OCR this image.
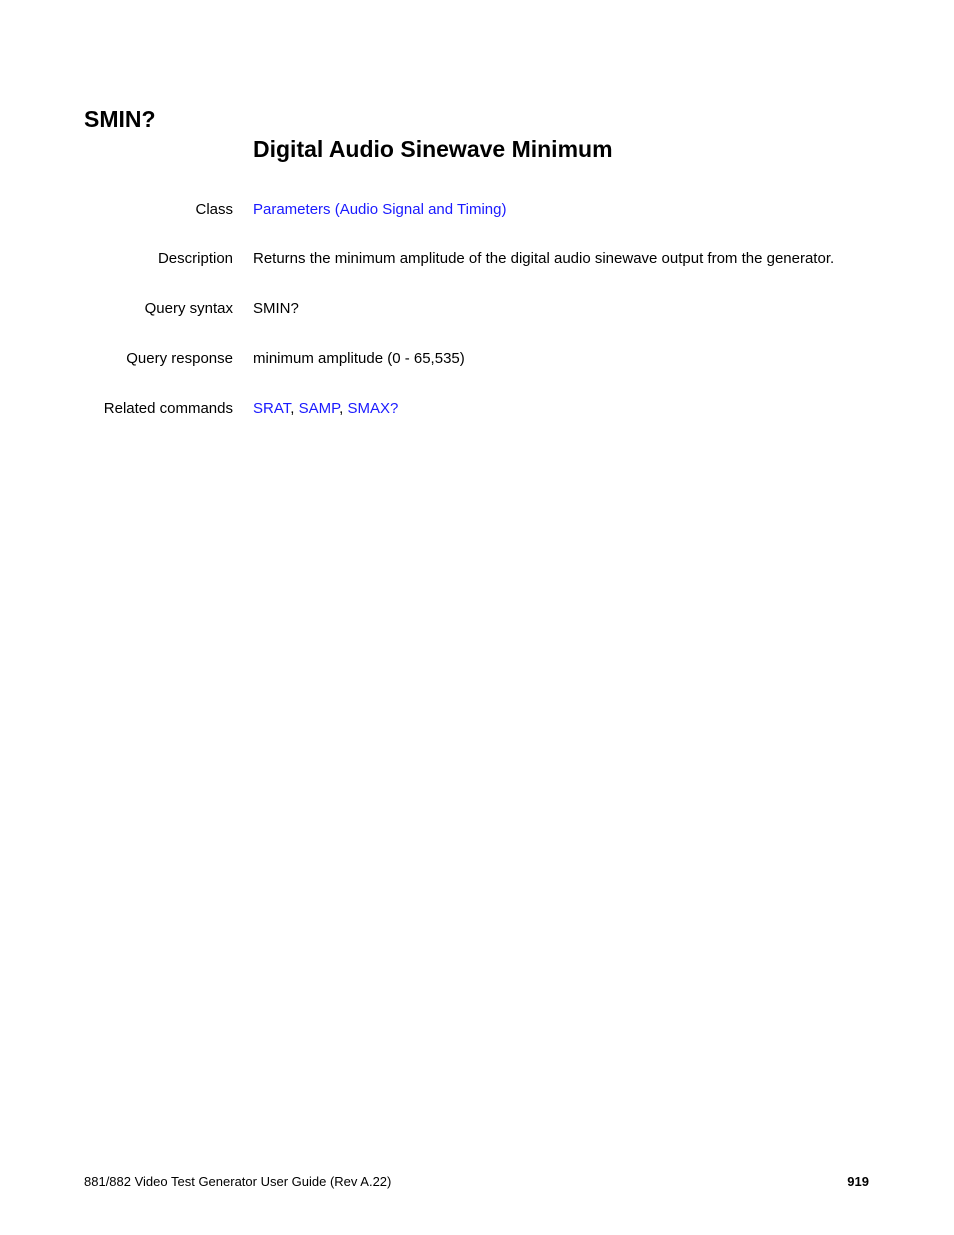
SMIN?
Digital Audio Sinewave Minimum
Class Parameters (Audio Signal and Timing)
Description Returns the minimum amplitude of the digital audio sinewave output from the generator.
Query syntax SMIN?
Query response minimum amplitude (0 - 65,535)
Related commands SRAT, SAMP, SMAX?
881/882 Video Test Generator User Guide (Rev A.22)	919
